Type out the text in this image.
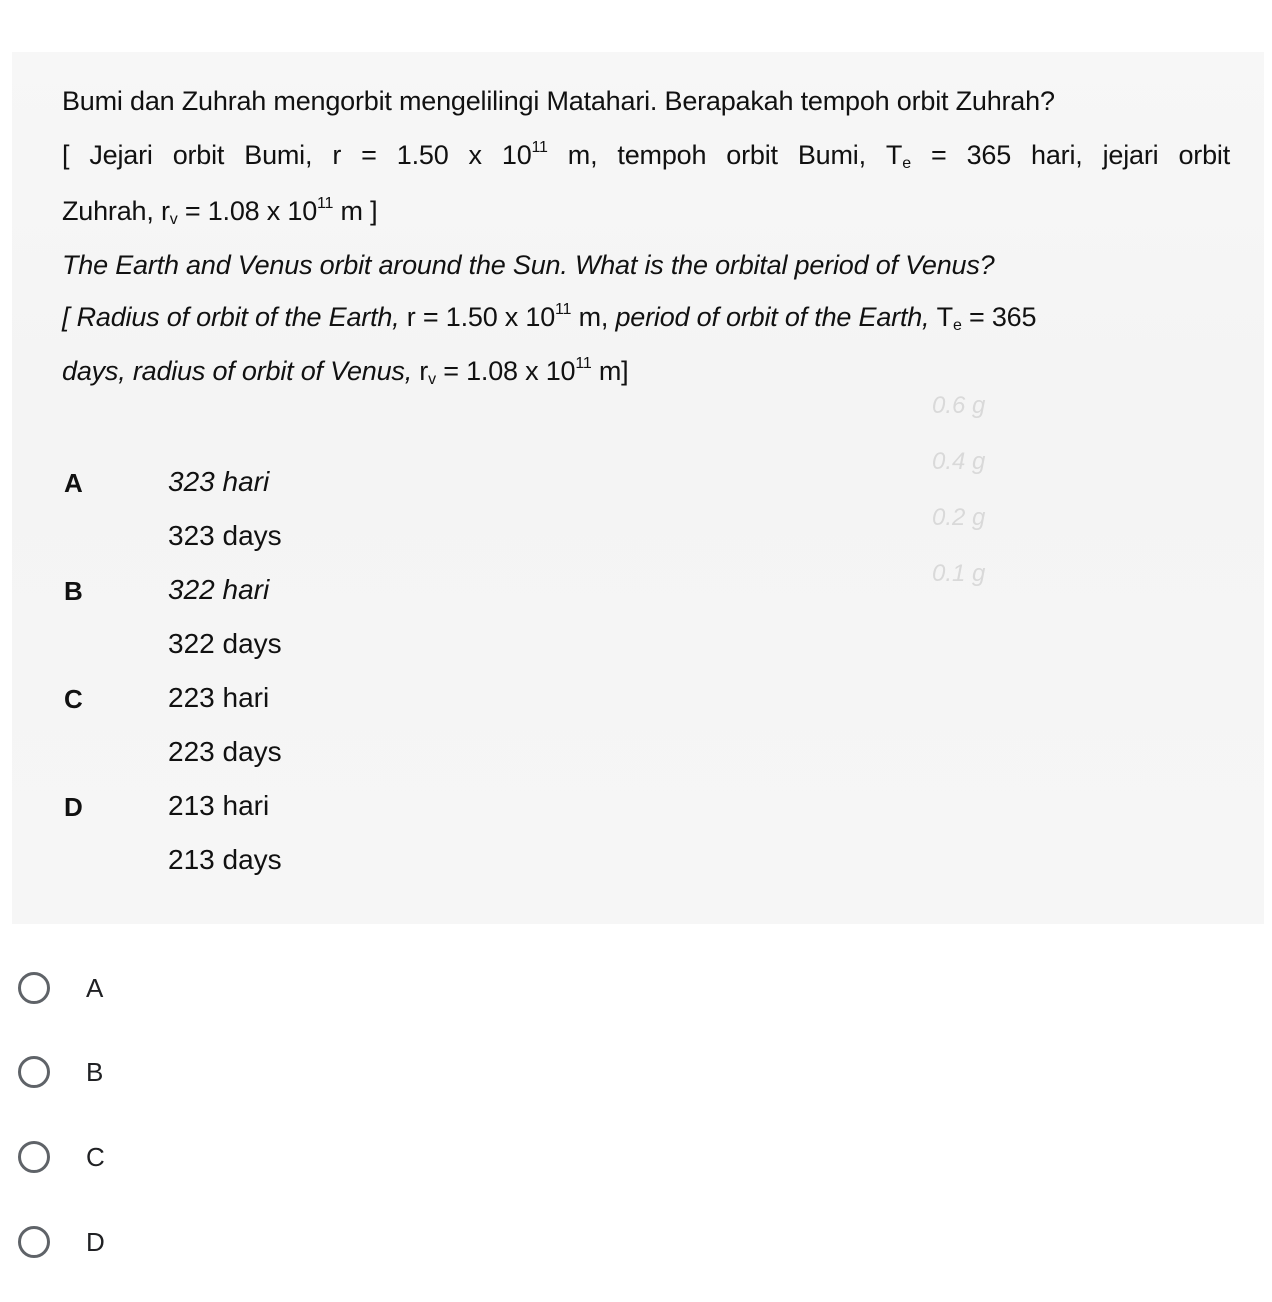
0.6 g
0.4 g
0.2 g
0.1 g
Bumi dan Zuhrah mengorbit mengelilingi Matahari. Berapakah tempoh orbit Zuhrah?
[ Jejari orbit Bumi, r = 1.50 x $10^{11}$ m, tempoh orbit Bumi, $T_e = 365$ hari, jejari orbit
Zuhrah, $r_v = 1.08$ x $10^{11}$ m ]
The Earth and Venus orbit around the Sun. What is the orbital period of Venus?
[ Radius of orbit of the Earth, r = 1.50 x $10^{11}$ m, period of orbit of the Earth, $T_e = 365$
days, radius of orbit of Venus, $r_v = 1.08$ x $10^{11}$ m]
A	323 hari
323 days
B	322 hari
322 days
C	223 hari
223 days
D	213 hari
213 days
A
B
C
D
